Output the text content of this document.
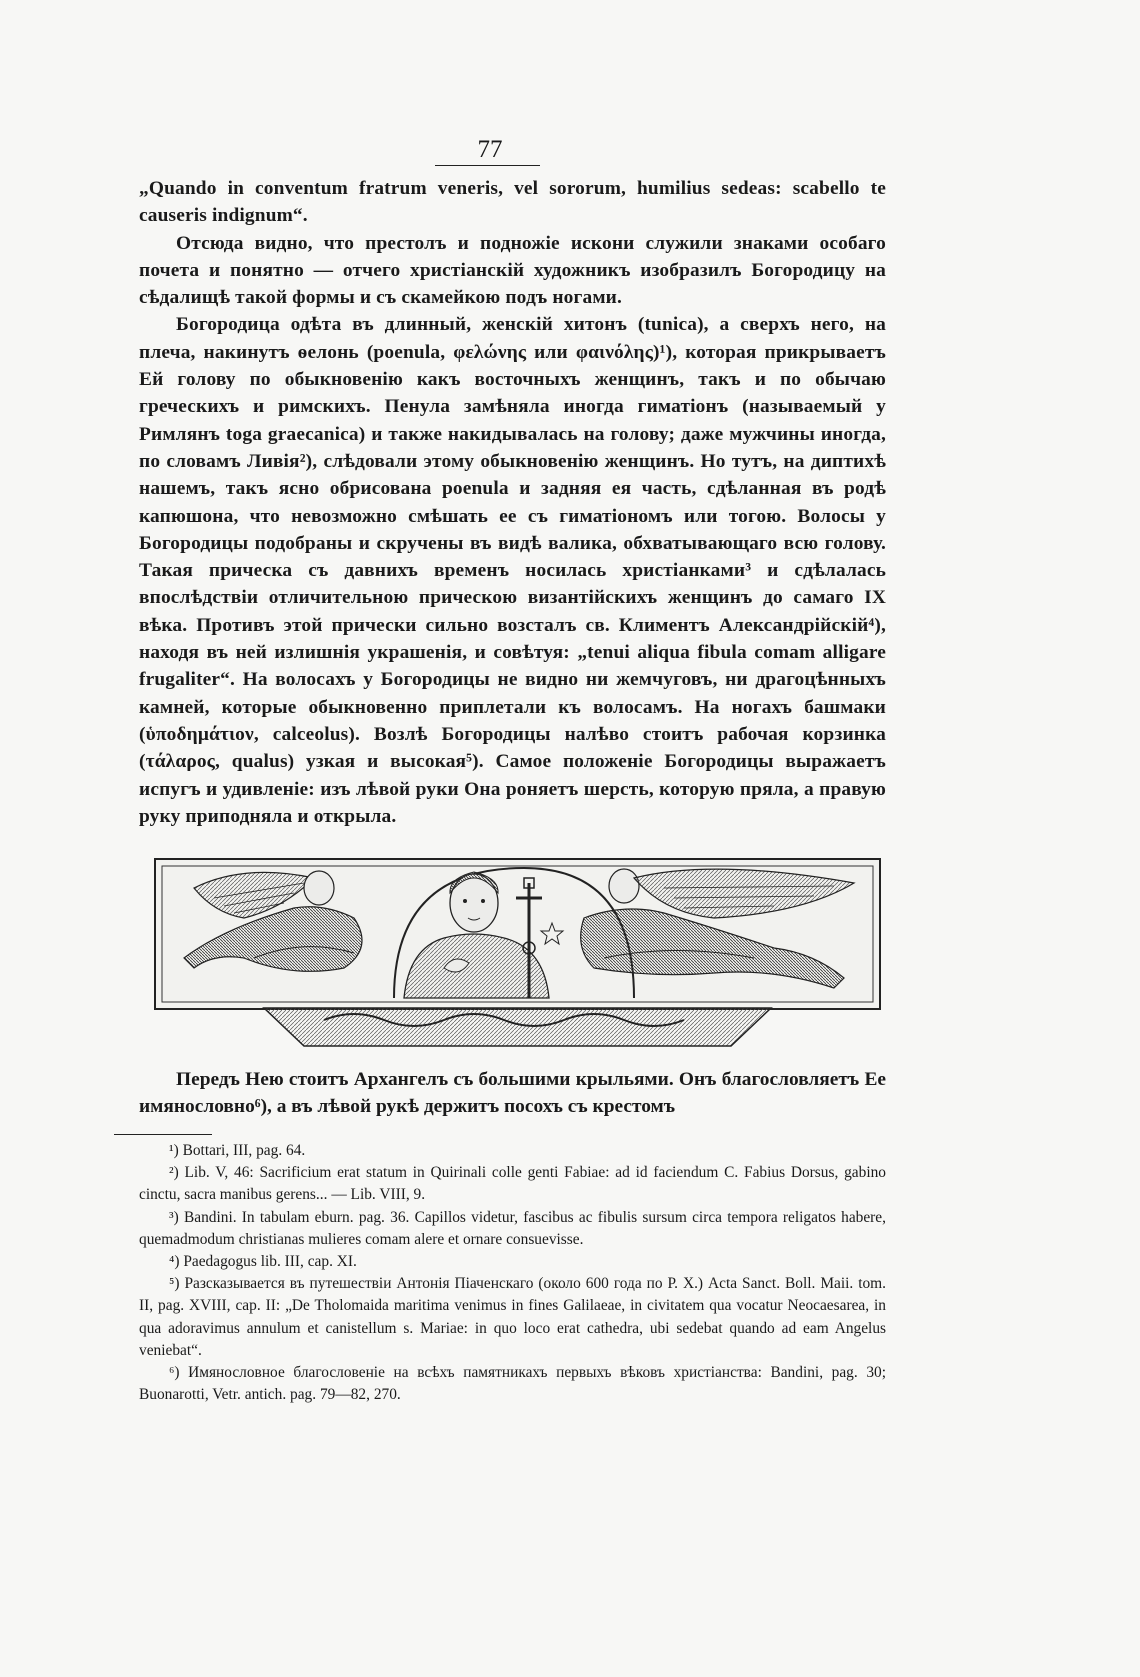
77

„Quando in conventum fratrum veneris, vel sororum, humilius sedeas: scabello te causeris indignum“.

Отсюда видно, что престолъ и подножіе искони служили знаками особаго почета и понятно — отчего христіанскій художникъ изобразилъ Богородицу на сѣдалищѣ такой формы и съ скамейкою подъ ногами.

Богородица одѣта въ длинный, женскій хитонъ (tunica), а сверхъ него, на плеча, накинутъ ѳелонь (poenula, φελώνης или φαινόλης)¹), которая прикрываетъ Ей голову по обыкновенію какъ восточныхъ женщинъ, такъ и по обычаю греческихъ и римскихъ. Пенула замѣняла иногда гиматіонъ (называемый у Римлянъ toga graecanica) и также накидывалась на голову; даже мужчины иногда, по словамъ Ливія²), слѣдовали этому обыкновенію женщинъ. Но тутъ, на диптихѣ нашемъ, такъ ясно обрисована poenula и задняя ея часть, сдѣланная въ родѣ капюшона, что невозможно смѣшать ее съ гиматіономъ или тогою. Волосы у Богородицы подобраны и скручены въ видѣ валика, обхватывающаго всю голову. Такая прическа съ давнихъ временъ носилась христіанками³ и сдѣлалась впослѣдствіи отличительною прическою византійскихъ женщинъ до самаго IX вѣка. Противъ этой прически сильно возсталъ св. Климентъ Александрійскій⁴), находя въ ней излишнія украшенія, и совѣтуя: „tenui aliqua fibula comam alligare frugaliter“. На волосахъ у Богородицы не видно ни жемчуговъ, ни драгоцѣнныхъ камней, которые обыкновенно приплетали къ волосамъ. На ногахъ башмаки (ὑποδημάτιον, calceolus). Возлѣ Богородицы налѣво стоитъ рабочая корзинка (τάλαρος, qualus) узкая и высокая⁵). Самое положеніе Богородицы выражаетъ испугъ и удивленіе: изъ лѣвой руки Она роняетъ шерсть, которую пряла, а правую руку приподняла и открыла.

Передъ Нею стоитъ Архангелъ съ большими крыльями. Онъ благословляетъ Ее имянословно⁶), а въ лѣвой рукѣ держитъ посохъ съ крестомъ

¹) Bottari, III, pag. 64.

²) Lib. V, 46: Sacrificium erat statum in Quirinali colle genti Fabiae: ad id faciendum C. Fabius Dorsus, gabino cinctu, sacra manibus gerens... — Lib. VIII, 9.

³) Bandini. In tabulam eburn. pag. 36. Capillos videtur, fascibus ac fibulis sursum circa tempora religatos habere, quemadmodum christianas mulieres comam alere et ornare consuevisse.

⁴) Paedagogus lib. III, cap. XI.

⁵) Разсказывается въ путешествіи Антонія Піаченскаго (около 600 года по Р. Х.) Acta Sanct. Boll. Maii. tom. II, pag. XVIII, cap. II: „De Tholomaida maritima venimus in fines Galilaeae, in civitatem qua vocatur Neocaesarea, in qua adoravimus annulum et canistellum s. Mariae: in quo loco erat cathedra, ubi sedebat quando ad eam Angelus veniebat“.

⁶) Имянословное благословеніе на всѣхъ памятникахъ первыхъ вѣковъ христіанства: Bandini, pag. 30; Buonarotti, Vetr. antich. pag. 79—82, 270.
